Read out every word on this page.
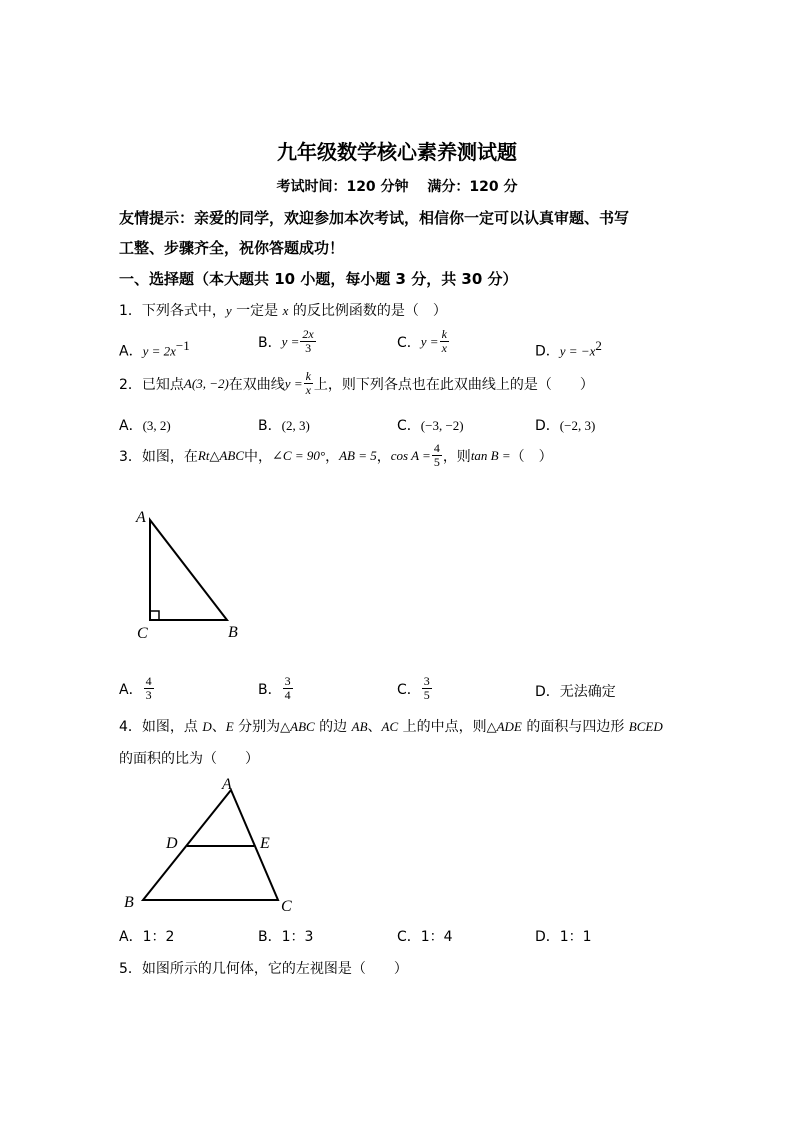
九年级数学核心素养测试题
考试时间：120 分钟　 满分：120 分
友情提示：亲爱的同学，欢迎参加本次考试，相信你一定可以认真审题、书写
工整、步骤齐全，祝你答题成功！
一、选择题（本大题共 10 小题，每小题 3 分，共 30 分）
1．下列各式中，y 一定是 x 的反比例函数的是（　）
A．$y = 2x^{-1}$	B． $y = \frac{2x}{3}$	C． $y = \frac{k}{x}$	D．$y = -x^2$
2．已知点 A(3, −2) 在双曲线 $y = \frac{k}{x}$ 上，则下列各点也在此双曲线上的是（　　）
A．(3, 2)	B．(2, 3)	C．(−3, −2)	D．(−2, 3)
3．如图，在 Rt△ABC 中， ∠C = 90° ， AB = 5 ， $\cos A = \frac{4}{5}$ ，则 tan B = （　）
A
C	B
A． $\frac{4}{3}$	B． $\frac{3}{4}$	C． $\frac{3}{5}$	D．无法确定
4．如图，点 D、E 分别为△ABC 的边 AB、AC 上的中点，则△ADE 的面积与四边形 BCED
的面积的比为（　　）
A
D	E
B	C
A．1：2	B．1：3	C．1：4	D．1：1
5．如图所示的几何体，它的左视图是（　　）
